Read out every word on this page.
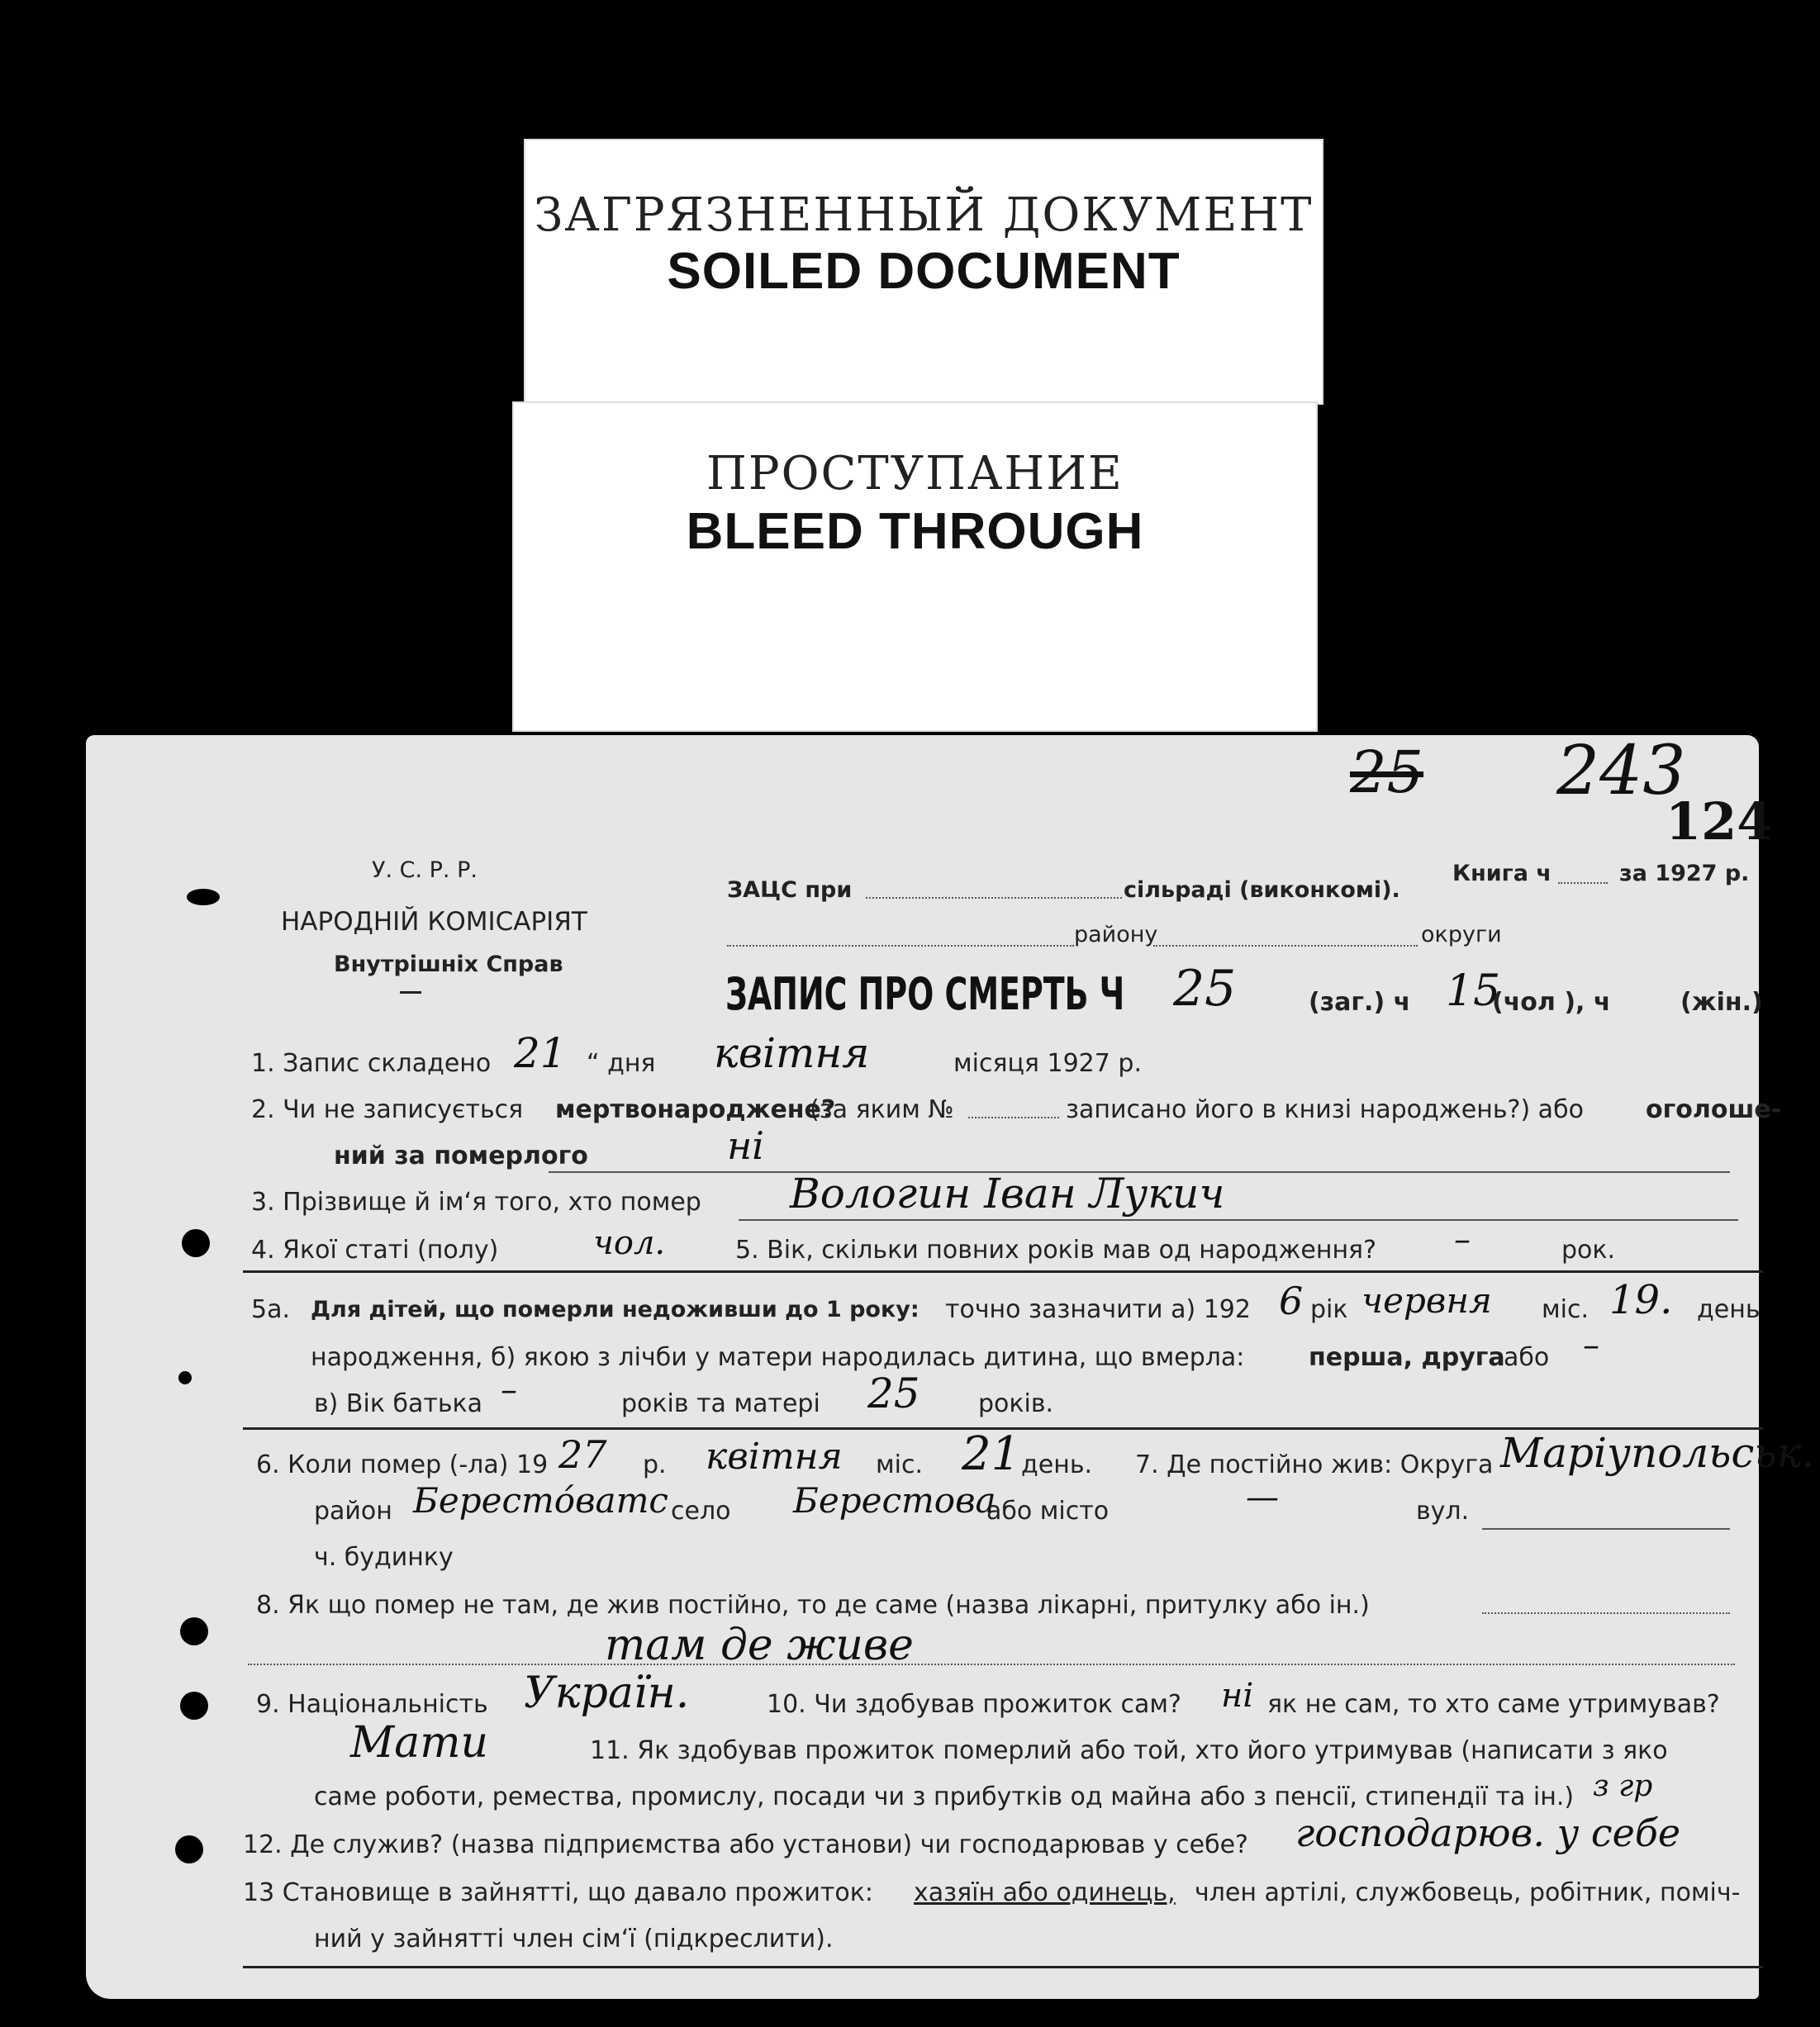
ЗАГРЯЗНЕННЫЙ ДОКУМЕНТ
SOILED DOCUMENT
ПРОСТУПАНИЕ
BLEED THROUGH
25 243
124
У. С. Р. Р.
НАРОДНІЙ КОМІСАРІЯТ
Внутрішніх Справ
ЗАЦС при	сільраді (виконкомі).
Книга ч	за 1927 р.
району	округи
ЗАПИС ПРО СМЕРТЬ Ч 25	(заг.) ч 15
(чол ), ч	(жін.)
1. Запис складено 21 “ дня квітня	місяця 1927 р.
2. Чи не записується мертвонароджене?
(за яким №	записано його в книзі народжень?) або	оголоше-
ний за померлого	ні
3. Прізвище й ім‘я того, хто помер Вологин Іван Лукич
4. Якої статі (полу)	чол.	5. Вік, скільки повних років мав од народження? –	рок.
5а. Для дітей, що померли недоживши до 1 року: точно зазначити а) 192 6 рік червня міс. 19. день
народження, б) якою з лічби у матери народилась дитина, що вмерла:	перша, друга
або –
в) Вік батька –	років та матері 25 років.
6. Коли помер (-ла) 19 27 р. квітня міс. 21 день. 7. Де постійно жив: Округа Маріупольськ.
район Бересто́ватс село Берестова
або місто	—	вул.
ч. будинку
8. Як що помер не там, де жив постійно, то де саме (назва лікарні, притулку або ін.)
там де живе
9. Національність Україн.	10. Чи здобував прожиток сам? ні як не сам, то хто саме утримував?
Мати	11. Як здобував прожиток померлий або той, хто його утримував (написати з яко
саме роботи, ремества, промислу, посади чи з прибутків од майна або з пенсії, стипендії та ін.) з гр
12. Де служив? (назва підприємства або установи) чи господарював у себе? господарюв. у себе
13 Становище в зайнятті, що давало прожиток: хазяїн або одинець, член артілі, службовець, робітник, поміч-
ний у зайнятті член сім‘ї (підкреслити).
